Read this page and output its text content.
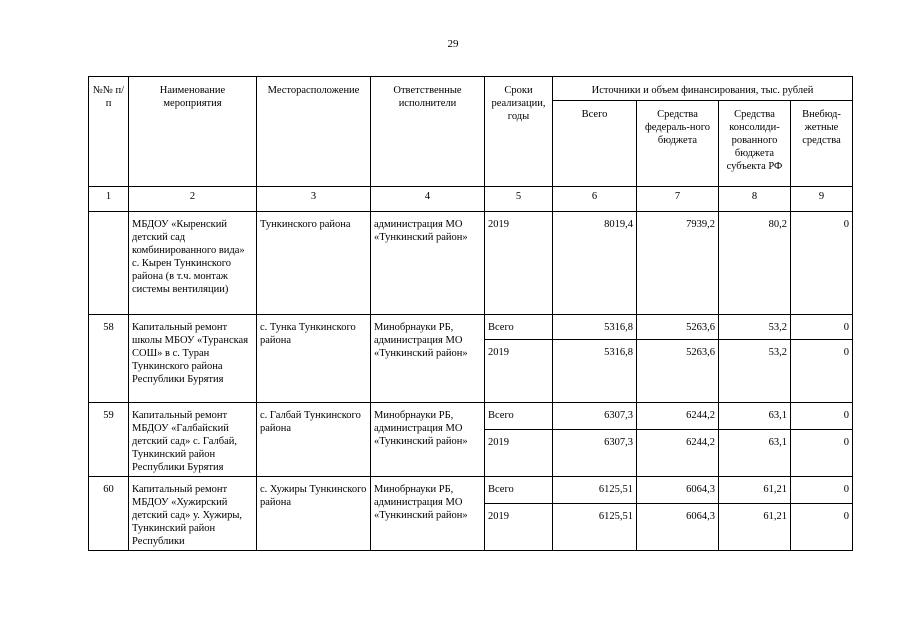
29
№№ п/п	Наименование мероприятия	Месторасположение	Ответственные исполнители	Сроки реализации, годы	Источники и объем финансирования, тыс. рублей			
					Всего	Средства федераль-ного бюджета	Средства консолиди-рованного бюджета субъекта РФ	Внебюд-жетные средства
1	2	3	4	5	6	7	8	9
	МБДОУ «Кыренский детский сад комбинированного вида» с. Кырен Тункинского района (в т.ч. монтаж системы вентиляции)	Тункинского района	администрация МО «Тункинский район»	2019	8019,4	7939,2	80,2	0
58	Капитальный ремонт школы МБОУ «Туранская СОШ» в с. Туран Тункинского района Республики Бурятия	с. Тунка Тункинского района	Минобрнауки РБ, администрация МО «Тункинский район»	Всего	5316,8	5263,6	53,2	0
				2019	5316,8	5263,6	53,2	0
59	Капитальный ремонт МБДОУ «Галбайский детский сад» с. Галбай, Тункинский район Республики Бурятия	с. Галбай Тункинского района	Минобрнауки РБ, администрация МО «Тункинский район»	Всего	6307,3	6244,2	63,1	0
				2019	6307,3	6244,2	63,1	0
60	Капитальный ремонт МБДОУ «Хужирский детский сад» у. Хужиры, Тункинский район Республики	с. Хужиры Тункинского района	Минобрнауки РБ, администрация МО «Тункинский район»	Всего	6125,51	6064,3	61,21	0
				2019	6125,51	6064,3	61,21	0
